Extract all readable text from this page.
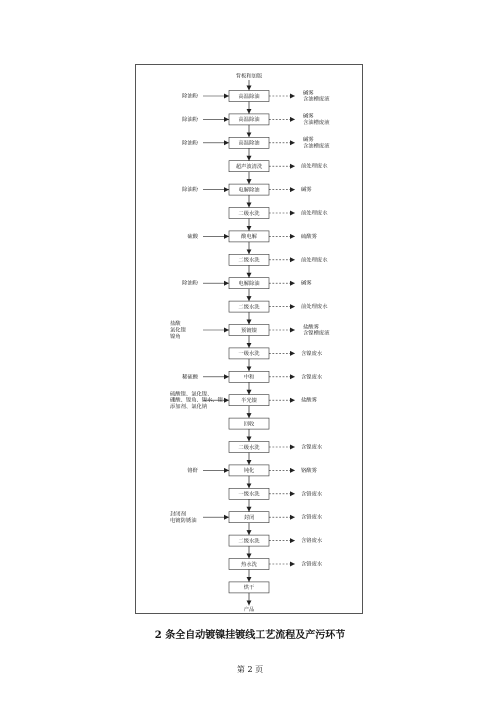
背板和加版
高温除油
除油粉
碱雾
含油槽废液
高温除油
除油粉
碱雾
含油槽废液
高温除油
除油粉
碱雾
含油槽废液
超声波清洗	前处理废水
电解除油
除油粉	碱雾
二级水洗	前处理废水
酸电解
硫酸	硫酸雾
二级水洗	前处理废水
电解除油
除油粉	碱雾
二级水洗	前处理废水
预镀镍
盐酸
氯化镍
镍角
盐酸雾
含镍槽废液
一级水洗	含镍废水
中和
稀硫酸	含镍废水
半光镍
硫酸镍、氯化镍、
硼酸、镍角、镍水、镍
添加剂、氯化钠
盐酸雾
回收
二级水洗	含镍废水
钝化
铬酐	铬酸雾
一级水洗	含铬废水
封闭
封闭剂
电镀防锈油
含铬废水
二级水洗	含铬废水
热水洗	含铬废水
烘干
产品
2 条全自动镀镍挂镀线工艺流程及产污环节
第 2 页
